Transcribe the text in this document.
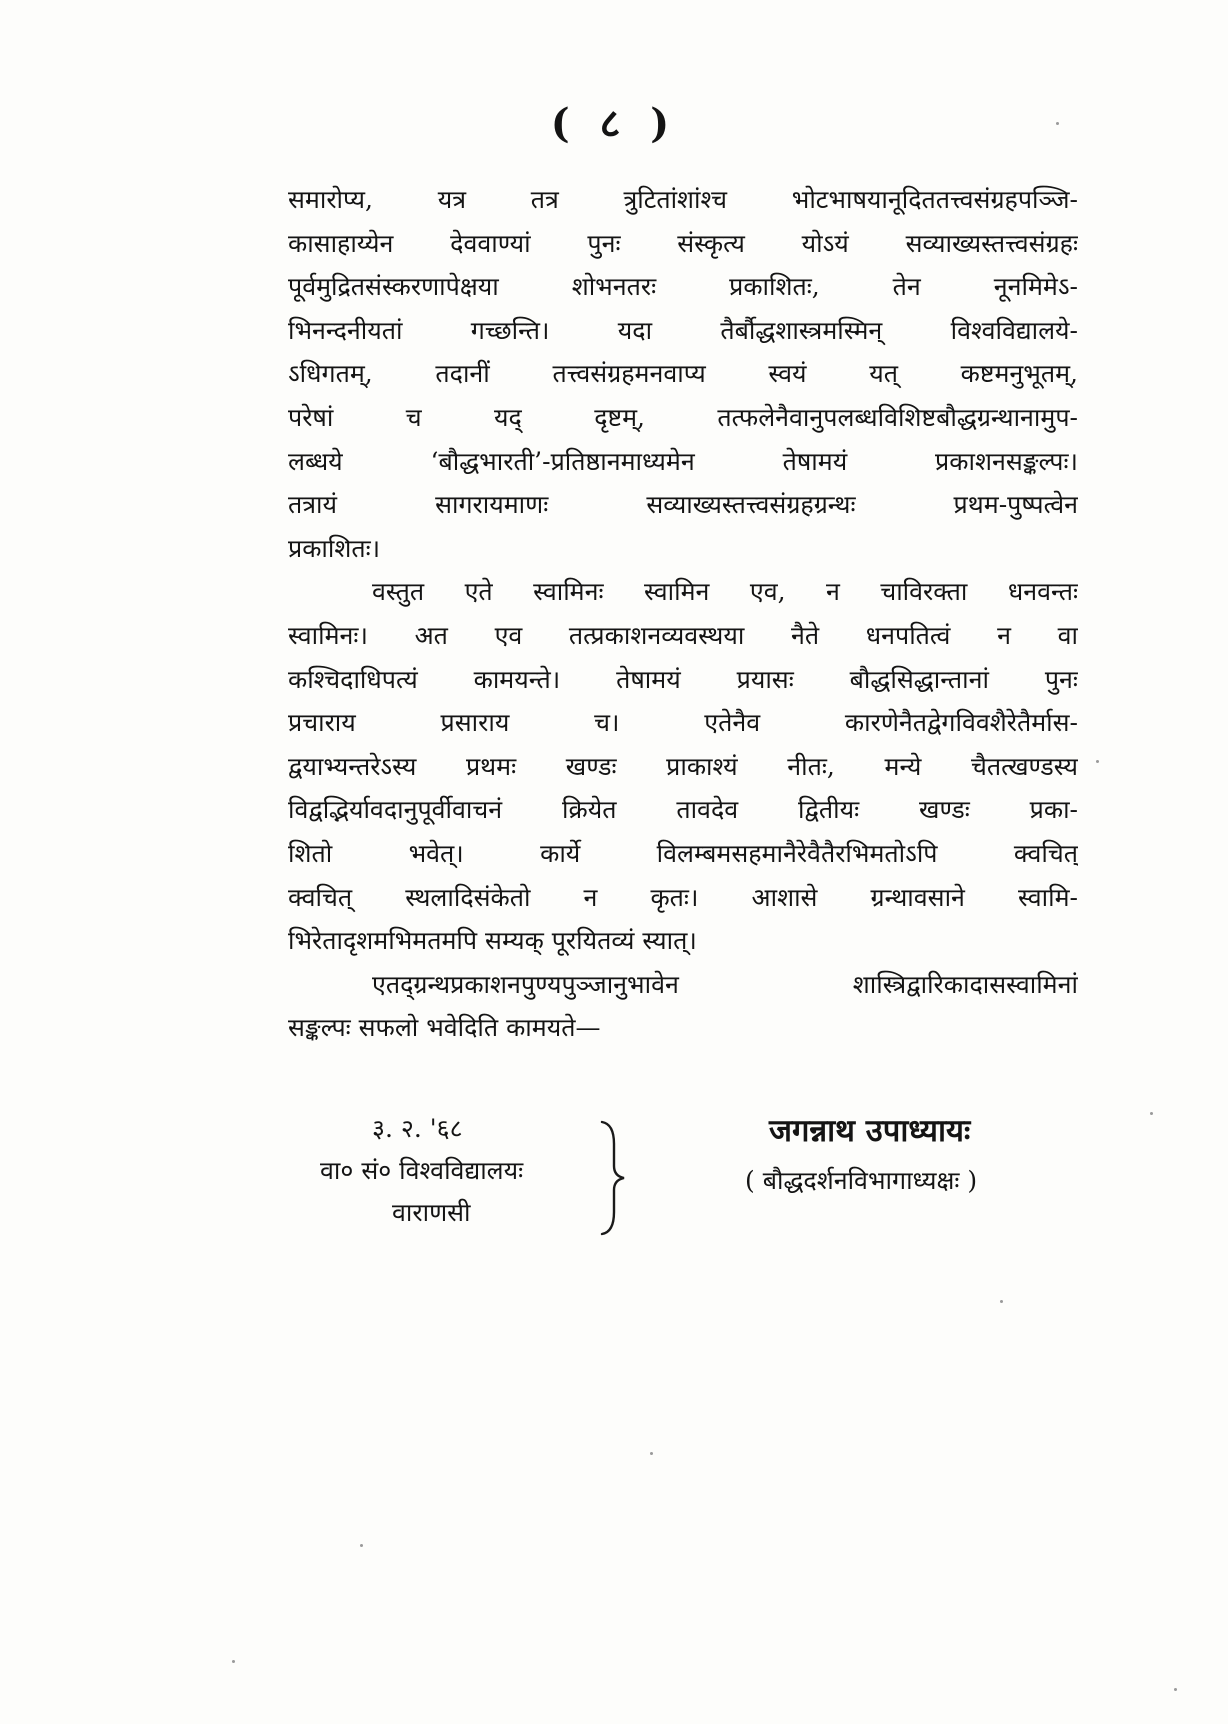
( ८ )
समारोप्य, यत्र तत्र त्रुटितांशांश्च भोटभाषयानूदिततत्त्वसंग्रहपञ्जि-
कासाहाय्येन देववाण्यां पुनः संस्कृत्य योऽयं सव्याख्यस्तत्त्वसंग्रहः
पूर्वमुद्रितसंस्करणापेक्षया शोभनतरः प्रकाशितः, तेन नूनमिमेऽ-
भिनन्दनीयतां गच्छन्ति। यदा तैर्बौद्धशास्त्रमस्मिन् विश्वविद्यालये-
ऽधिगतम्, तदानीं तत्त्वसंग्रहमनवाप्य स्वयं यत् कष्टमनुभूतम्,
परेषां च यद् दृष्टम्, तत्फलेनैवानुपलब्धविशिष्टबौद्धग्रन्थानामुप-
लब्धये ‘बौद्धभारती’-प्रतिष्ठानमाध्यमेन तेषामयं प्रकाशनसङ्कल्पः।
तत्रायं सागरायमाणः सव्याख्यस्तत्त्वसंग्रहग्रन्थः प्रथम-पुष्पत्वेन
प्रकाशितः।
वस्तुत एते स्वामिनः स्वामिन एव, न चाविरक्ता धनवन्तः
स्वामिनः। अत एव तत्प्रकाशनव्यवस्थया नैते धनपतित्वं न वा
कश्चिदाधिपत्यं कामयन्ते। तेषामयं प्रयासः बौद्धसिद्धान्तानां पुनः
प्रचाराय प्रसाराय च। एतेनैव कारणेनैतद्वेगविवशैरेतैर्मास-
द्वयाभ्यन्तरेऽस्य प्रथमः खण्डः प्राकाश्यं नीतः, मन्ये चैतत्खण्डस्य
विद्वद्भिर्यावदानुपूर्वीवाचनं क्रियेत तावदेव द्वितीयः खण्डः प्रका-
शितो भवेत्। कार्ये विलम्बमसहमानैरेवैतैरभिमतोऽपि क्वचित्
क्वचित् स्थलादिसंकेतो न कृतः। आशासे ग्रन्थावसाने स्वामि-
भिरेतादृशमभिमतमपि सम्यक् पूरयितव्यं स्यात्।
एतद्ग्रन्थप्रकाशनपुण्यपुञ्जानुभावेन शास्त्रिद्वारिकादासस्वामिनां
सङ्कल्पः सफलो भवेदिति कामयते—
३. २. '६८
वा० सं० विश्वविद्यालयः
वाराणसी
जगन्नाथ उपाध्यायः
( बौद्धदर्शनविभागाध्यक्षः )
